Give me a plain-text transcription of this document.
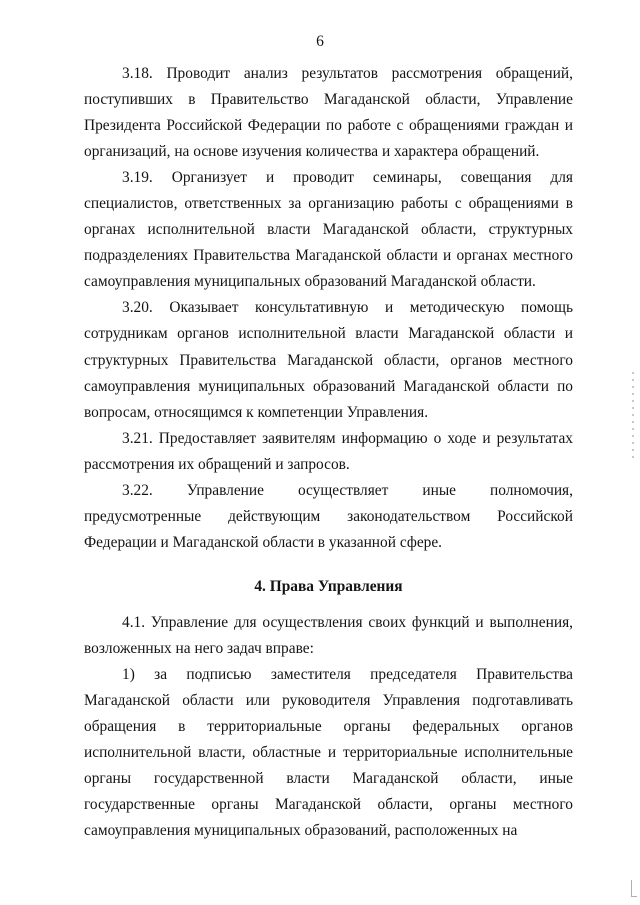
6

3.18. Проводит анализ результатов рассмотрения обращений, поступивших в Правительство Магаданской области, Управление Президента Российской Федерации по работе с обращениями граждан и организаций, на основе изучения количества и характера обращений.

3.19. Организует и проводит семинары, совещания для специалистов, ответственных за организацию работы с обращениями в органах исполнительной власти Магаданской области, структурных подразделениях Правительства Магаданской области и органах местного самоуправления муниципальных образований Магаданской области.

3.20. Оказывает консультативную и методическую помощь сотрудникам органов исполнительной власти Магаданской области и структурных Правительства Магаданской области, органов местного самоуправления муниципальных образований Магаданской области по вопросам, относящимся к компетенции Управления.

3.21. Предоставляет заявителям информацию о ходе и результатах рассмотрения их обращений и запросов.

3.22. Управление осуществляет иные полномочия, предусмотренные действующим законодательством Российской Федерации и Магаданской области в указанной сфере.

4. Права Управления

4.1. Управление для осуществления своих функций и выполнения, возложенных на него задач вправе:

1) за подписью заместителя председателя Правительства Магаданской области или руководителя Управления подготавливать обращения в территориальные органы федеральных органов исполнительной власти, областные и территориальные исполнительные органы государственной власти Магаданской области, иные государственные органы Магаданской области, органы местного самоуправления муниципальных образований, расположенных на
